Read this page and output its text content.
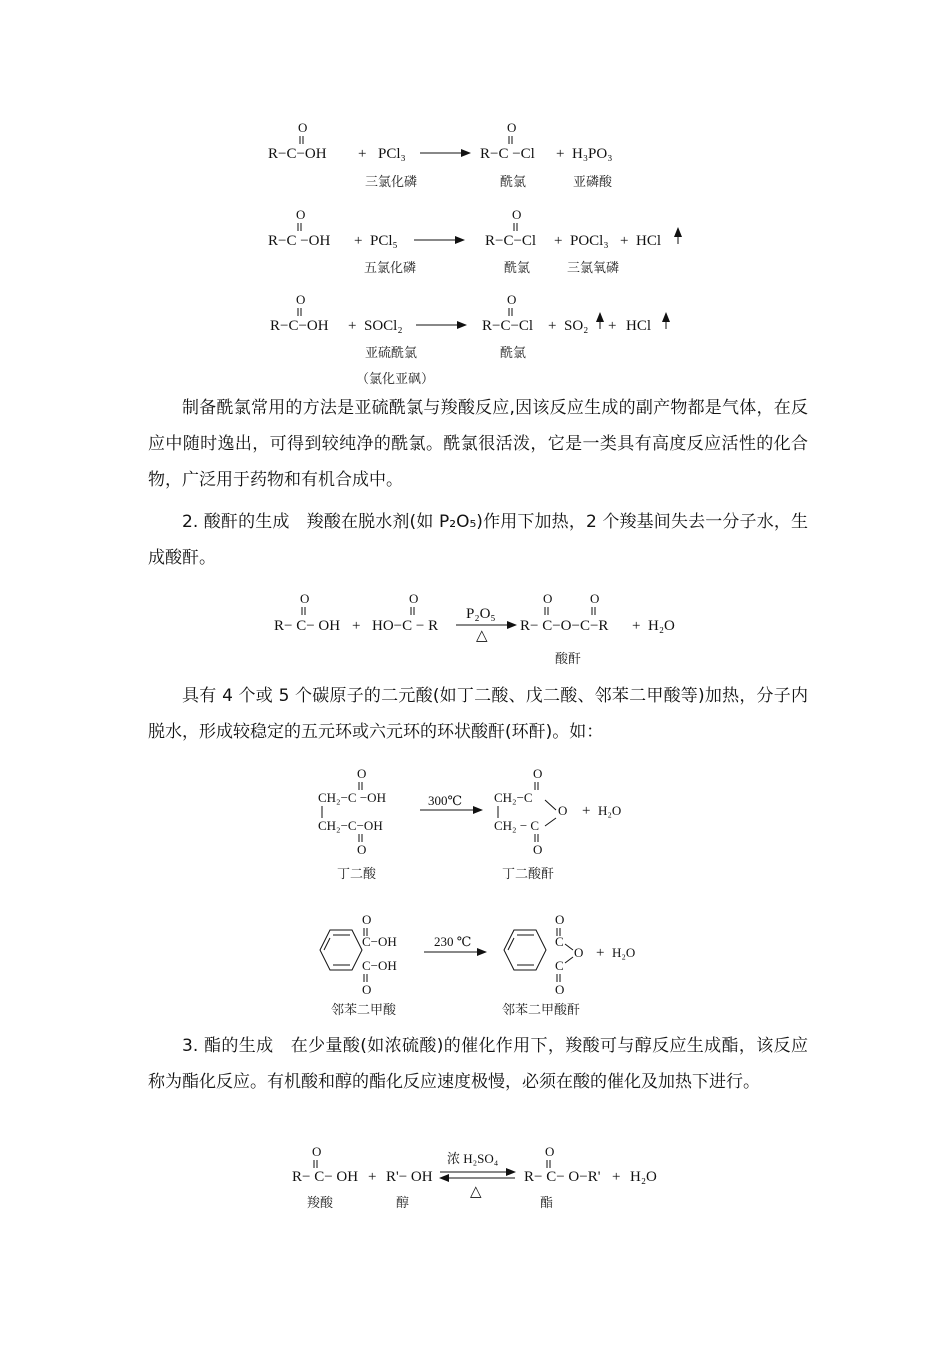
O
R−C−OH + PCl₃
O
R−C −Cl + H₃PO₃
三氯化磷	酰氯	亚磷酸
O
R−C −OH + PCl₅
O
R−C−Cl + POCl₃ + HCl
五氯化磷	酰氯	三氯氧磷
O
R−C−OH + SOCl₂
O
R−C−Cl + SO₂ + HCl
亚硫酰氯
（氯化亚砜）
酰氯
O
R− C− OH +
O
HO−C − R
P₂O₅
△
O	O
R− C−O−C−R + H₂O
酸酐
O
CH₂−C −OH
CH₂−C−OH
O
300℃
O
CH₂−C
O
CH₂ − C
O
+ H₂O
丁二酸	丁二酸酐
O
C−OH
C−OH
O
230 ℃
O
C
O
C
O
+ H₂O
邻苯二甲酸	邻苯二甲酸酐
O
R− C− OH + R'− OH
浓 H₂SO₄
△
O
R− C− O−R' + H₂O
羧酸	醇	酯

制备酰氯常用的方法是亚硫酰氯与羧酸反应,因该反应生成的副产物都是气体，在反应中随时逸出，可得到较纯净的酰氯。酰氯很活泼，它是一类具有高度反应活性的化合物，广泛用于药物和有机合成中。

2. 酸酐的生成　羧酸在脱水剂(如 P₂O₅)作用下加热，2 个羧基间失去一分子水，生成酸酐。

具有 4 个或 5 个碳原子的二元酸(如丁二酸、戊二酸、邻苯二甲酸等)加热，分子内脱水，形成较稳定的五元环或六元环的环状酸酐(环酐)。如：

3. 酯的生成　在少量酸(如浓硫酸)的催化作用下，羧酸可与醇反应生成酯，该反应称为酯化反应。有机酸和醇的酯化反应速度极慢，必须在酸的催化及加热下进行。
